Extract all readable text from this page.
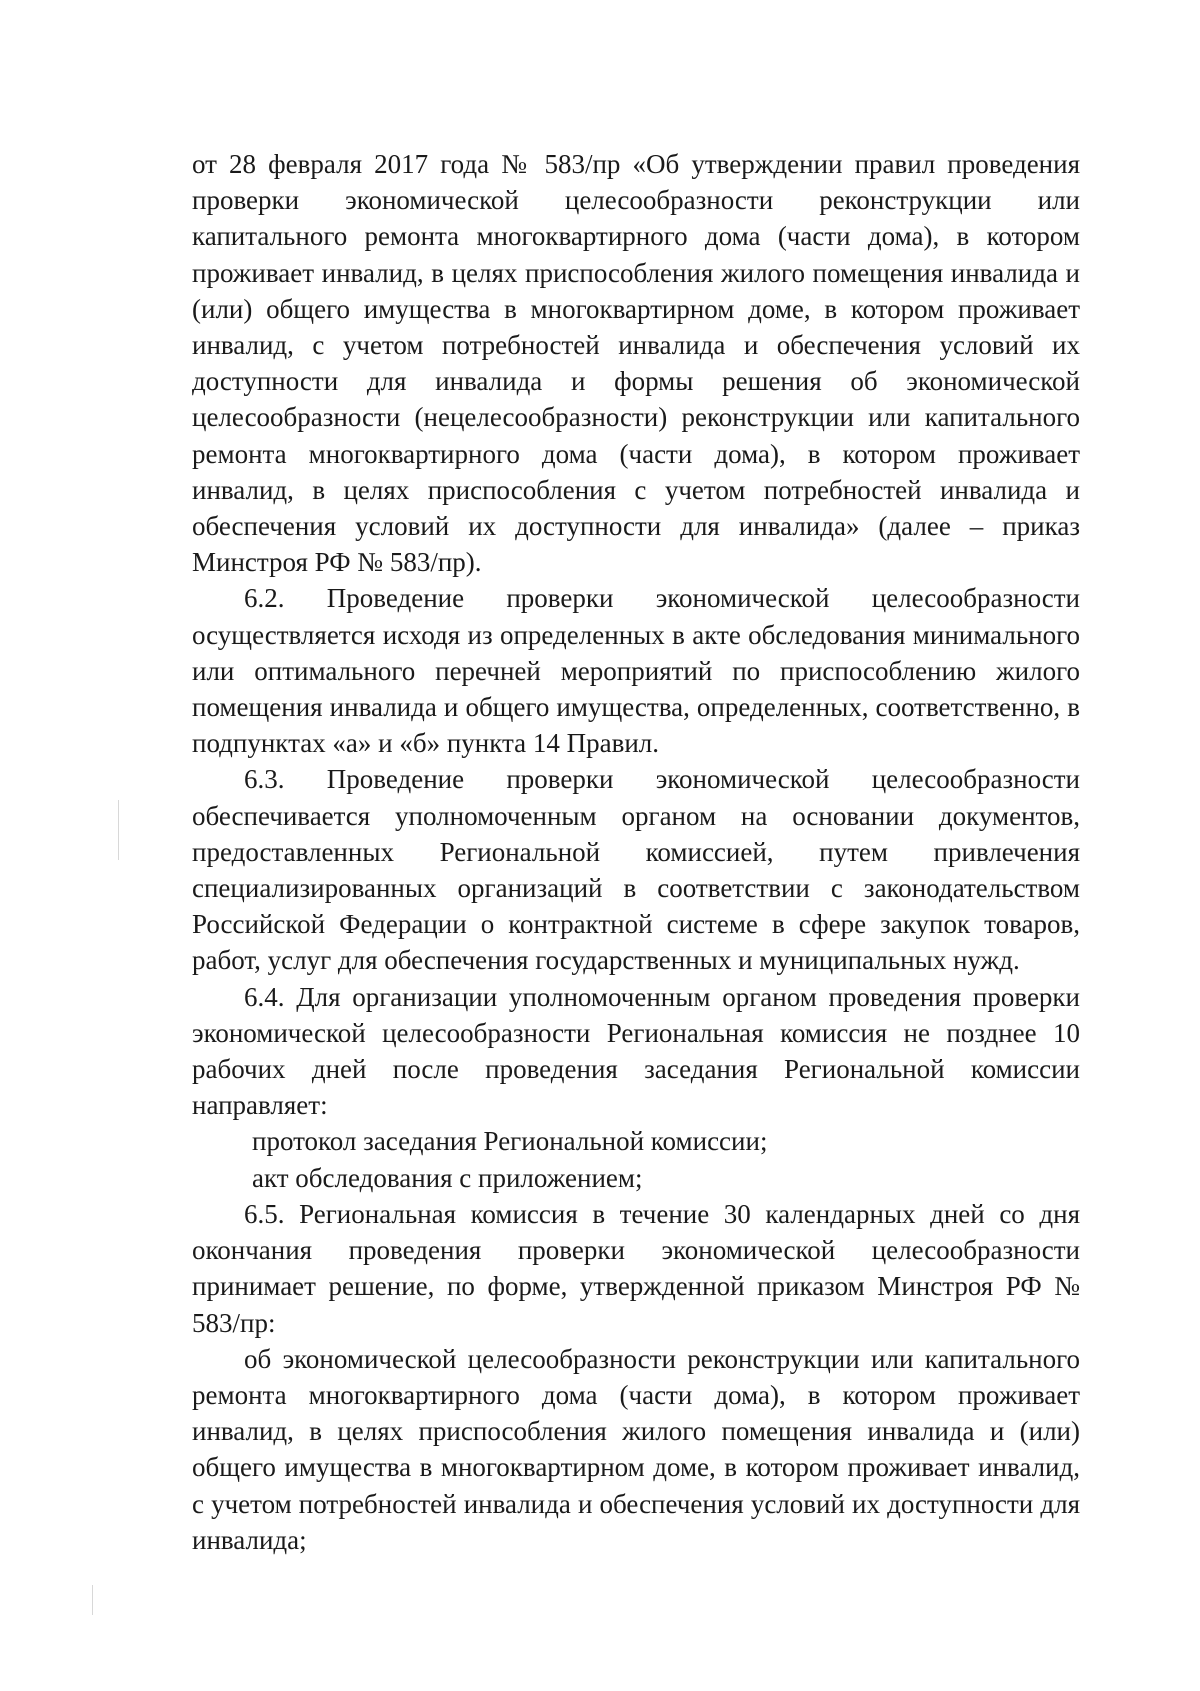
от 28 февраля 2017 года № 583/пр «Об утверждении правил проведения

проверки экономической целесообразности реконструкции или

капитального ремонта многоквартирного дома (части дома), в котором

проживает инвалид, в целях приспособления жилого помещения инвалида и

(или) общего имущества в многоквартирном доме, в котором проживает

инвалид, с учетом потребностей инвалида и обеспечения условий их

доступности для инвалида и формы решения об экономической

целесообразности (нецелесообразности) реконструкции или капитального

ремонта многоквартирного дома (части дома), в котором проживает

инвалид, в целях приспособления с учетом потребностей инвалида и

обеспечения условий их доступности для инвалида» (далее – приказ

Минстроя РФ № 583/пр).

6.2. Проведение проверки экономической целесообразности

осуществляется исходя из определенных в акте обследования минимального

или оптимального перечней мероприятий по приспособлению жилого

помещения инвалида и общего имущества, определенных, соответственно, в

подпунктах «а» и «б» пункта 14 Правил.

6.3. Проведение проверки экономической целесообразности

обеспечивается уполномоченным органом на основании документов,

предоставленных Региональной комиссией, путем привлечения

специализированных организаций в соответствии с законодательством

Российской Федерации о контрактной системе в сфере закупок товаров,

работ, услуг для обеспечения государственных и муниципальных нужд.

6.4. Для организации уполномоченным органом проведения проверки

экономической целесообразности Региональная комиссия не позднее 10

рабочих дней после проведения заседания Региональной комиссии

направляет:

протокол заседания Региональной комиссии;

акт обследования с приложением;

6.5. Региональная комиссия в течение 30 календарных дней со дня

окончания проведения проверки экономической целесообразности

принимает решение, по форме, утвержденной приказом Минстроя РФ №

583/пр:

об экономической целесообразности реконструкции или капитального

ремонта многоквартирного дома (части дома), в котором проживает

инвалид, в целях приспособления жилого помещения инвалида и (или)

общего имущества в многоквартирном доме, в котором проживает инвалид,

с учетом потребностей инвалида и обеспечения условий их доступности для

инвалида;
